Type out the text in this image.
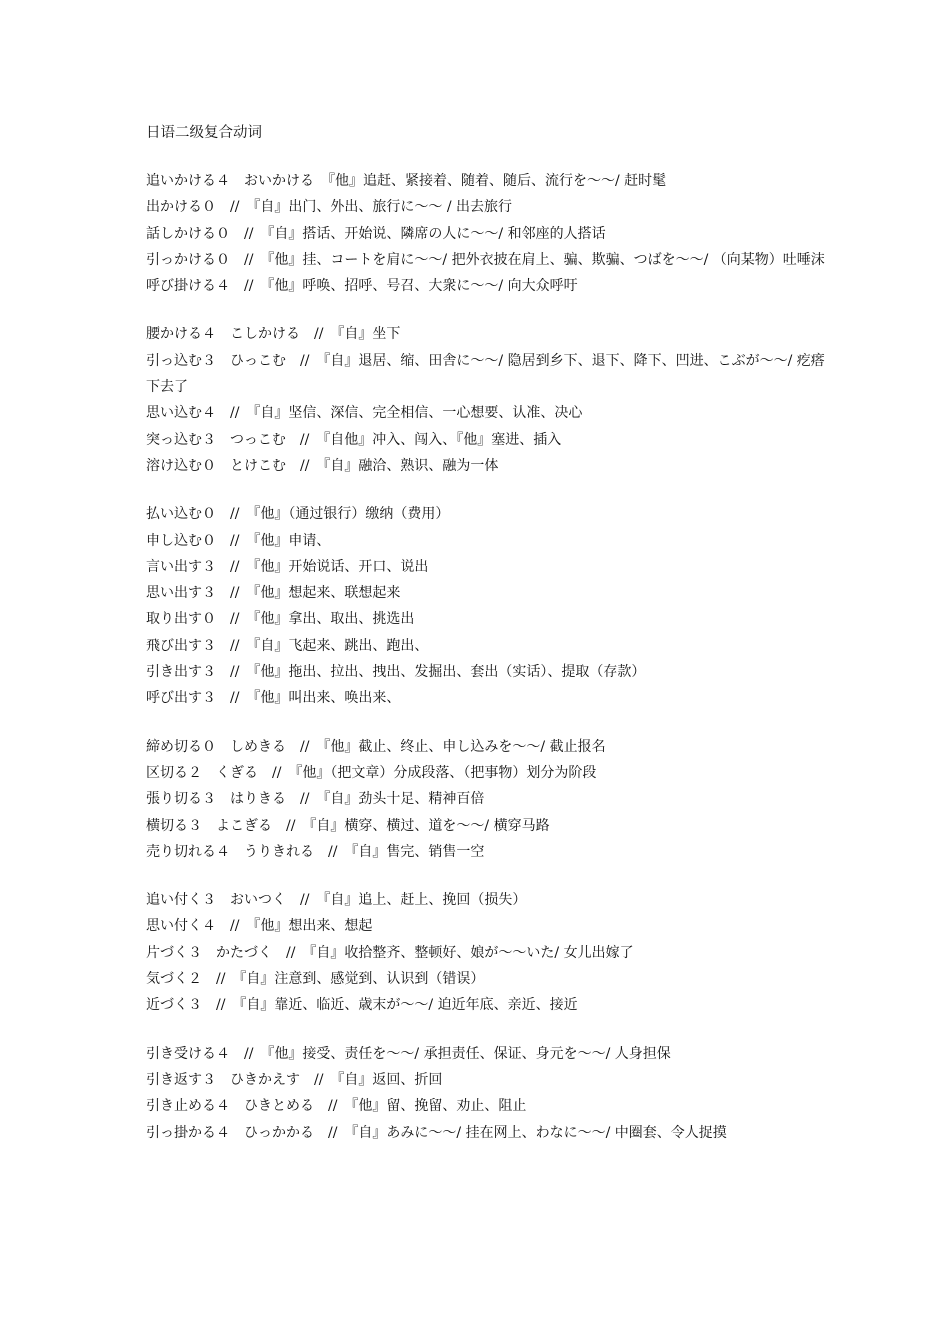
日语二级复合动词
追いかける４　おいかける　『他』追赶、紧接着、随着、随后、流行を～～/ 赶时髦
出かける０　//　『自』出门、外出、旅行に～～ / 出去旅行
話しかける０　//　『自』搭话、开始说、隣席の人に～～/ 和邻座的人搭话
引っかける０　//　『他』挂、コートを肩に～～/ 把外衣披在肩上、骗、欺骗、つばを～～/ （向某物）吐唾沫
呼び掛ける４　//　『他』呼唤、招呼、号召、大衆に～～/ 向大众呼吁
腰かける４　こしかける　//　『自』坐下
引っ込む３　ひっこむ　//　『自』退居、缩、田舎に～～/ 隐居到乡下、退下、降下、凹进、こぶが～～/ 疙瘩下去了
思い込む４　//　『自』坚信、深信、完全相信、一心想要、认准、决心
突っ込む３　つっこむ　//　『自他』冲入、闯入、『他』塞进、插入
溶け込む０　とけこむ　//　『自』融洽、熟识、融为一体
払い込む０　//　『他』（通过银行）缴纳（费用）
申し込む０　//　『他』申请、
言い出す３　//　『他』开始说话、开口、说出
思い出す３　//　『他』想起来、联想起来
取り出す０　//　『他』拿出、取出、挑选出
飛び出す３　//　『自』飞起来、跳出、跑出、
引き出す３　//　『他』拖出、拉出、拽出、发掘出、套出（实话）、提取（存款）
呼び出す３　//　『他』叫出来、唤出来、
締め切る０　しめきる　//　『他』截止、终止、申し込みを～～/ 截止报名
区切る２　くぎる　//　『他』（把文章）分成段落、（把事物）划分为阶段
張り切る３　はりきる　//　『自』劲头十足、精神百倍
横切る３　よこぎる　//　『自』横穿、横过、道を～～/ 横穿马路
売り切れる４　うりきれる　//　『自』售完、销售一空
追い付く３　おいつく　//　『自』追上、赶上、挽回（损失）
思い付く４　//　『他』想出来、想起
片づく３　かたづく　//　『自』收拾整齐、整顿好、娘が～～いた/ 女儿出嫁了
気づく２　//　『自』注意到、感觉到、认识到（错误）
近づく３　//　『自』靠近、临近、歳末が～～/ 迫近年底、亲近、接近
引き受ける４　//　『他』接受、责任を～～/ 承担责任、保证、身元を～～/ 人身担保
引き返す３　ひきかえす　//　『自』返回、折回
引き止める４　ひきとめる　//　『他』留、挽留、劝止、阻止
引っ掛かる４　ひっかかる　//　『自』あみに～～/ 挂在网上、わなに～～/ 中圈套、令人捉摸
